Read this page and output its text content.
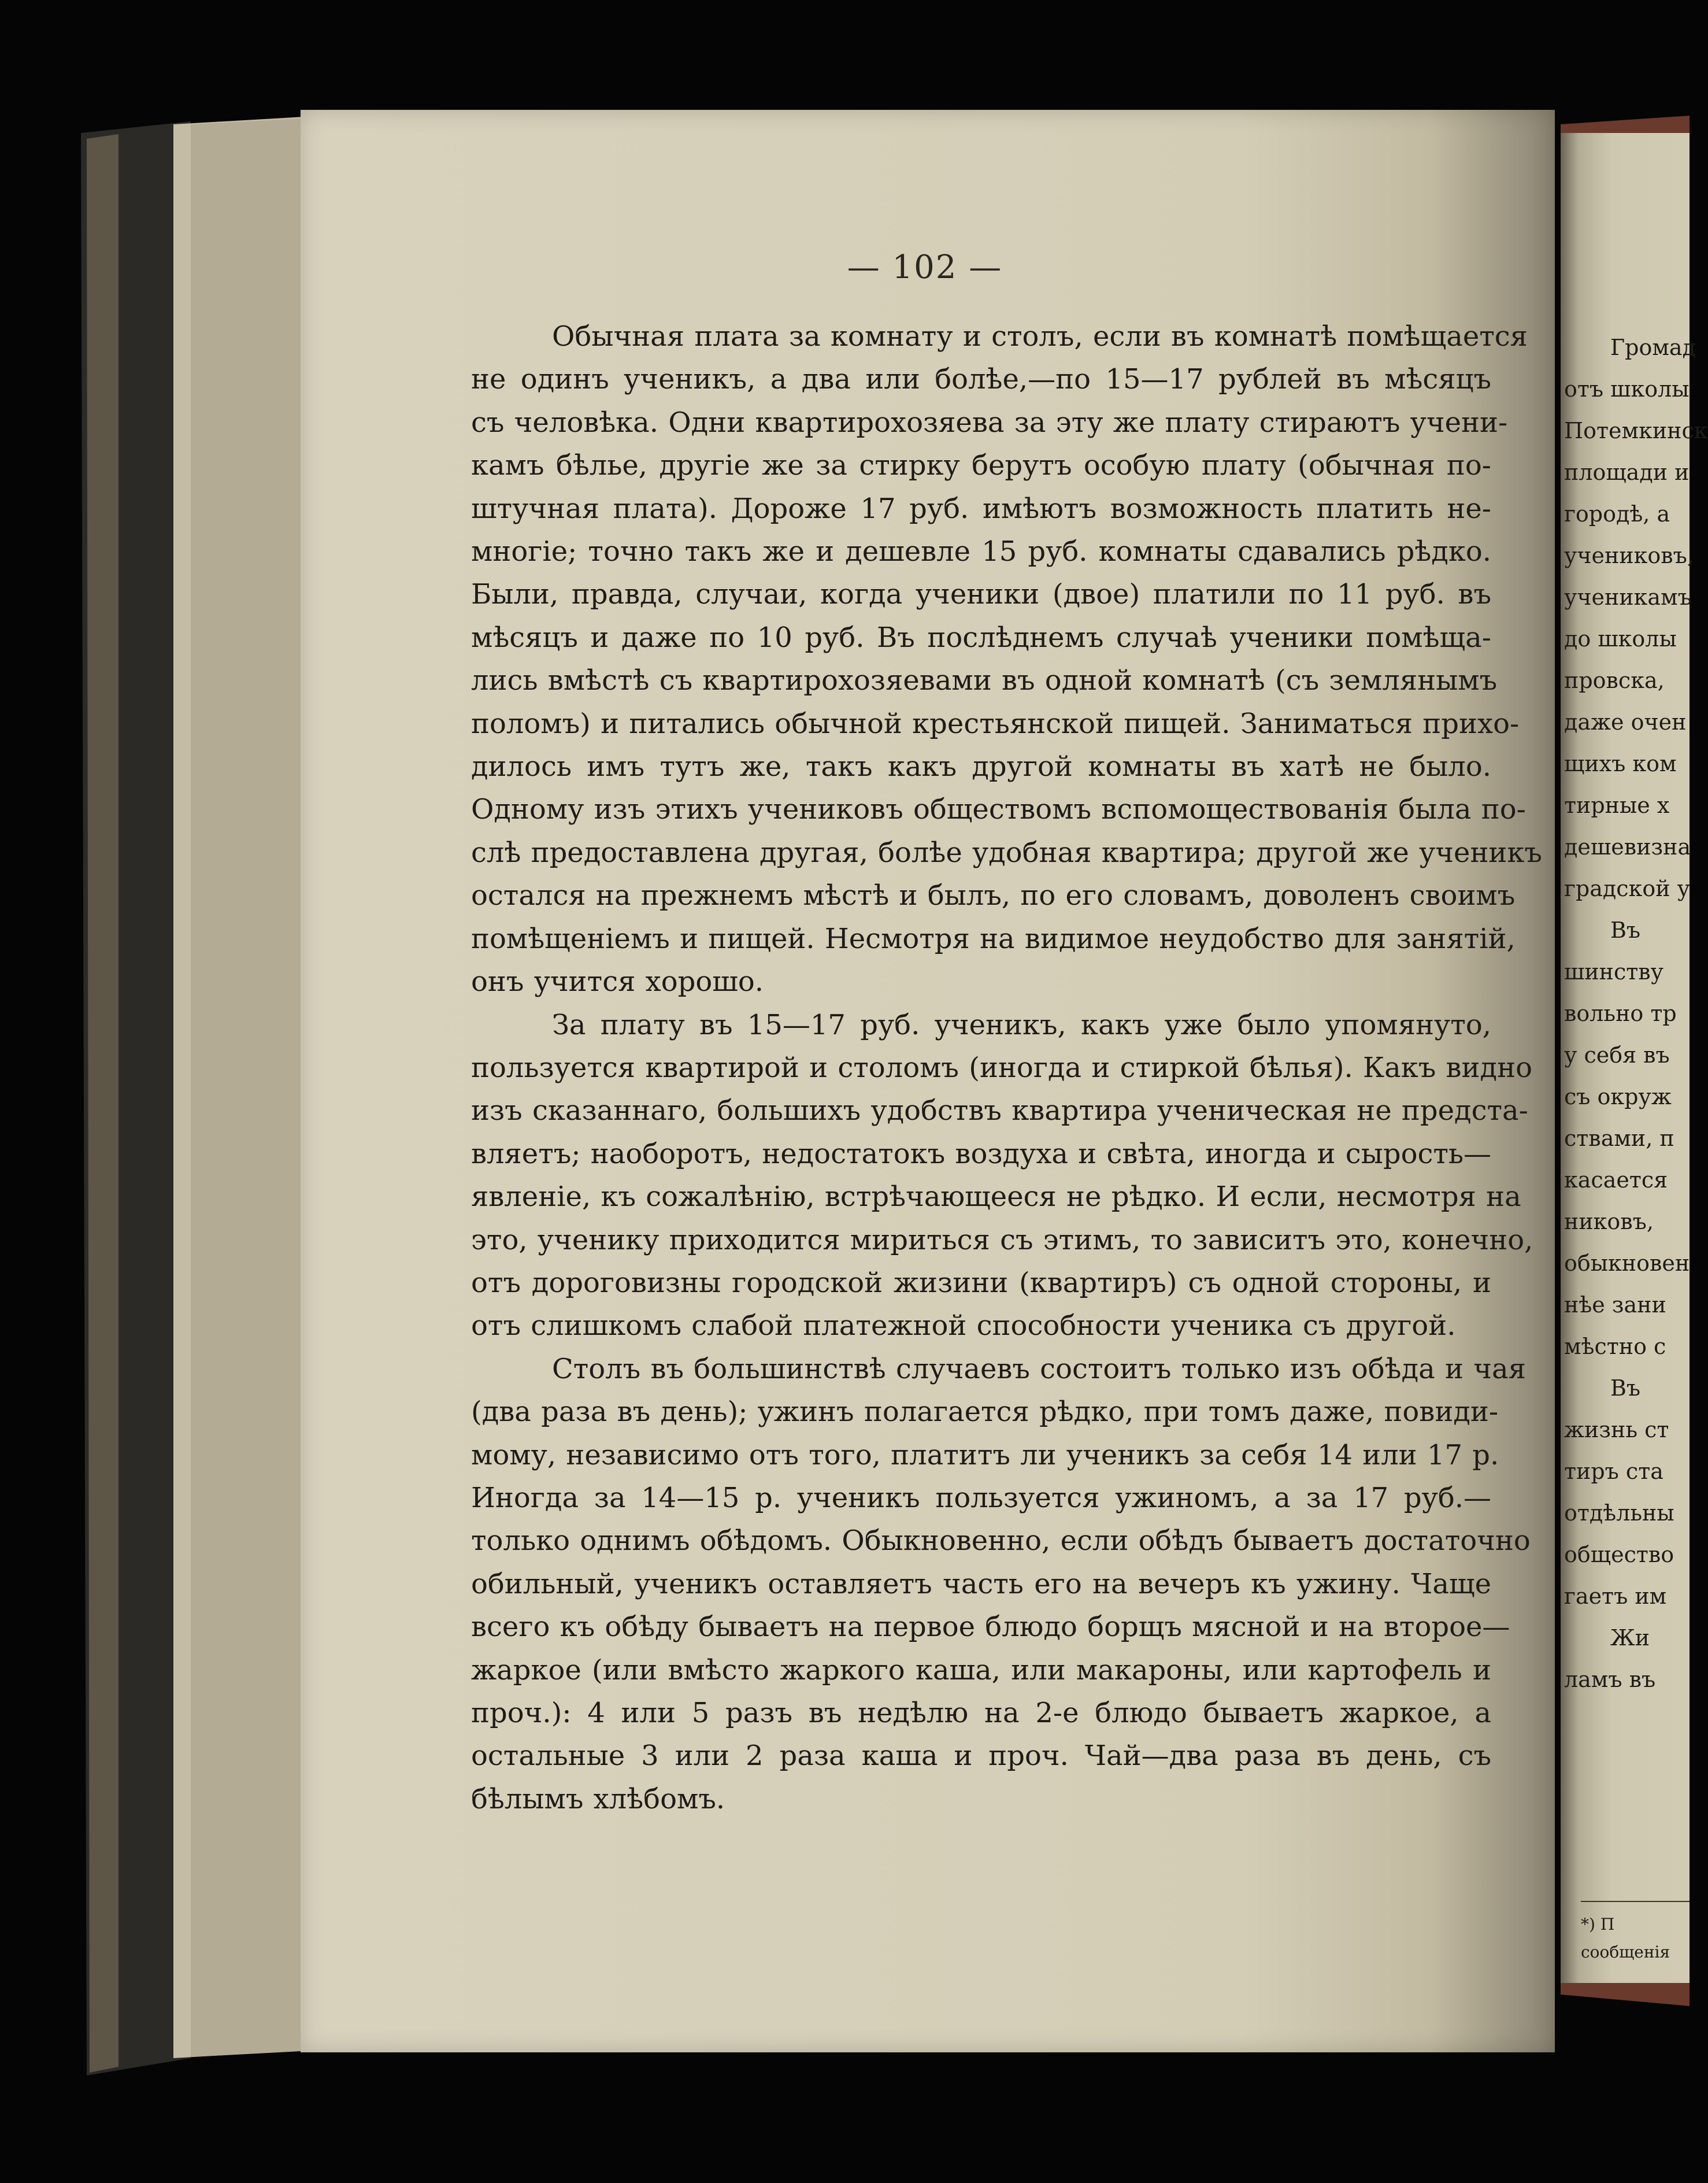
— 102 —
Обычная плата за комнату и столъ, если въ комнатѣ помѣщается
не одинъ ученикъ, а два или болѣе,—по 15—17 рублей въ мѣсяцъ
съ человѣка. Одни квартирохозяева за эту же плату стираютъ учени-
камъ бѣлье, другіе же за стирку берутъ особую плату (обычная по-
штучная плата). Дороже 17 руб. имѣютъ возможность платить не-
многіе; точно такъ же и дешевле 15 руб. комнаты сдавались рѣдко.
Были, правда, случаи, когда ученики (двое) платили по 11 руб. въ
мѣсяцъ и даже по 10 руб. Въ послѣднемъ случаѣ ученики помѣща-
лись вмѣстѣ съ квартирохозяевами въ одной комнатѣ (съ землянымъ
поломъ) и питались обычной крестьянской пищей. Заниматься прихо-
дилось имъ тутъ же, такъ какъ другой комнаты въ хатѣ не было.
Одному изъ этихъ учениковъ обществомъ вспомоществованія была по-
слѣ предоставлена другая, болѣе удобная квартира; другой же ученикъ
остался на прежнемъ мѣстѣ и былъ, по его словамъ, доволенъ своимъ
помѣщеніемъ и пищей. Несмотря на видимое неудобство для занятій,
онъ учится хорошо.
За плату въ 15—17 руб. ученикъ, какъ уже было упомянуто,
пользуется квартирой и столомъ (иногда и стиркой бѣлья). Какъ видно
изъ сказаннаго, большихъ удобствъ квартира ученическая не предста-
вляетъ; наоборотъ, недостатокъ воздуха и свѣта, иногда и сырость—
явленіе, къ сожалѣнію, встрѣчающееся не рѣдко. И если, несмотря на
это, ученику приходится мириться съ этимъ, то зависитъ это, конечно,
отъ дороговизны городской жизини (квартиръ) съ одной стороны, и
отъ слишкомъ слабой платежной способности ученика съ другой.
Столъ въ большинствѣ случаевъ состоитъ только изъ обѣда и чая
(два раза въ день); ужинъ полагается рѣдко, при томъ даже, повиди-
мому, независимо отъ того, платитъ ли ученикъ за себя 14 или 17 р.
Иногда за 14—15 р. ученикъ пользуется ужиномъ, а за 17 руб.—
только однимъ обѣдомъ. Обыкновенно, если обѣдъ бываетъ достаточно
обильный, ученикъ оставляетъ часть его на вечеръ къ ужину. Чаще
всего къ обѣду бываетъ на первое блюдо борщъ мясной и на второе—
жаркое (или вмѣсто жаркого каша, или макароны, или картофель и
проч.): 4 или 5 разъ въ недѣлю на 2-е блюдо бываетъ жаркое, а
остальные 3 или 2 раза каша и проч. Чай—два раза въ день, съ
бѣлымъ хлѣбомъ.
Громад
отъ школы
Потемкинск
площади и
городѣ, а
учениковъ,
ученикамъ
до школы
провска,
даже очен
щихъ ком
тирные х
дешевизна
градской у
Въ
шинству
вольно тр
у себя въ
съ окруж
ствами, п
касается
никовъ,
обыкновен
нѣе зани
мѣстно с
Въ
жизнь ст
тиръ ста
отдѣльны
общество
гаетъ им
Жи
ламъ въ
*) П
сообщенія
